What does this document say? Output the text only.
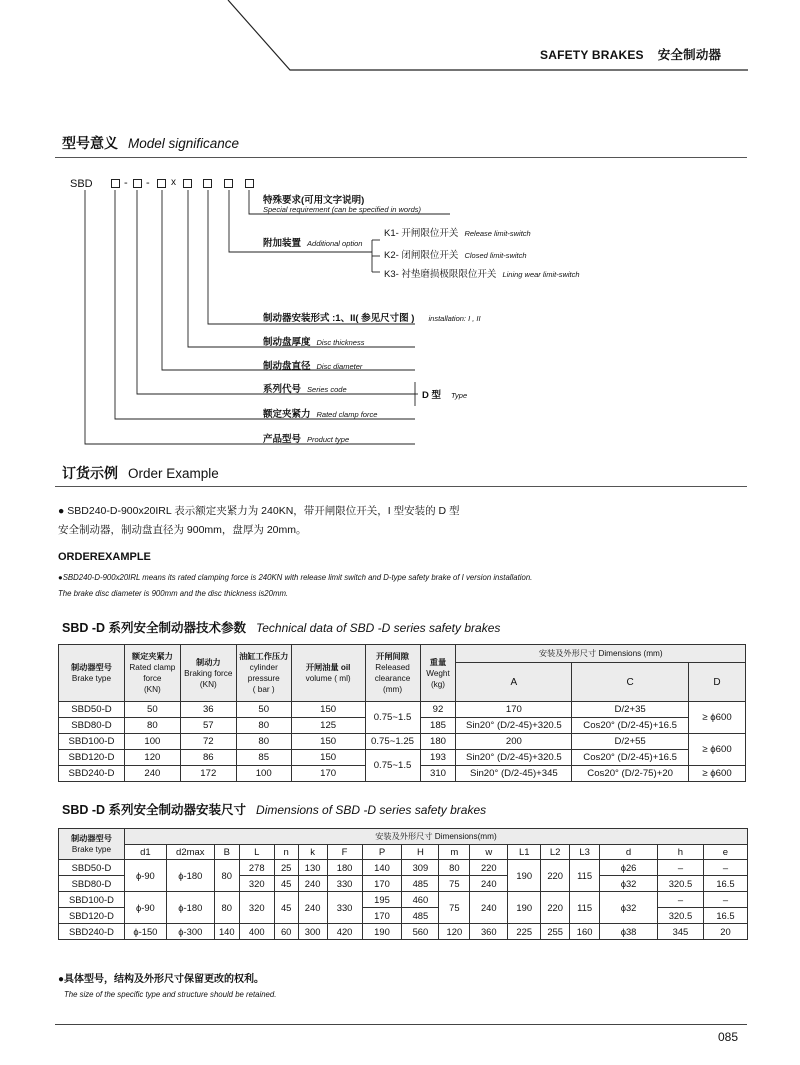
SAFETY BRAKES 安全制动器
型号意义 Model significance
SBD	- - x
特殊要求(可用文字说明)
Special requirement (can be specified in words)
附加装置 Additional option
K1- 开闸限位开关 Release limit-switch
K2- 闭闸限位开关 Closed limit-switch
K3- 衬垫磨损极限限位开关 Lining wear limit-switch
制动器安装形式 :1、II( 参见尺寸图 ) installation: I , II
制动盘厚度 Disc thickness
制动盘直径 Disc diameter
系列代号 Series code
D 型 Type
额定夹紧力 Rated clamp force
产品型号 Product type
订货示例 Order Example
● SBD240-D-900x20IRL 表示额定夹紧力为 240KN，带开闸限位开关，I 型安装的 D 型
安全制动器，制动盘直径为 900mm，盘厚为 20mm。
ORDEREXAMPLE
●SBD240-D-900x20IRL means its rated clamping force is 240KN with release limit switch and D-type safety brake of I version installation.
The brake disc diameter is 900mm and the disc thickness is20mm.
SBD -D 系列安全制动器技术参数 Technical data of SBD -D series safety brakes
制动器型号
Brake type	额定夹紧力
Rated clamp force
(KN)	制动力
Braking force
(KN)	油缸工作压力
cylinder pressure
( bar )	开闸油量 oil
volume ( ml)	开闸间隙
Released clearance
(mm)	重量
Weght
(kg)	安装及外形尺寸 Dimensions (mm)		
							A	C	D
SBD50-D	50	36	50	150	0.75~1.5	92	170	D/2+35	≥ ϕ600
SBD80-D	80	57	80	125		185	Sin20° (D/2-45)+320.5	Cos20° (D/2-45)+16.5	
SBD100-D	100	72	80	150	0.75~1.25	180	200	D/2+55	≥ ϕ600
SBD120-D	120	86	85	150	0.75~1.5	193	Sin20° (D/2-45)+320.5	Cos20° (D/2-45)+16.5	
SBD240-D	240	172	100	170		310	Sin20° (D/2-45)+345	Cos20° (D/2-75)+20	≥ ϕ600
SBD -D 系列安全制动器安装尺寸 Dimensions of SBD -D series safety brakes
制动器型号
Brake type	安装及外形尺寸 Dimensions(mm)																
	d1	d2max	B	L	n	k	F	P	H	m	w	L1	L2	L3	d	h	e
SBD50-D	ϕ-90	ϕ-180	80	278	25	130	180	140	309	80	220	190	220	115	ϕ26	–	–
SBD80-D				320	45	240	330	170	485	75	240				ϕ32	320.5	16.5
SBD100-D	ϕ-90	ϕ-180	80	320	45	240	330	195	460	75	240	190	220	115	ϕ32	–	–
SBD120-D								170	485							320.5	16.5
SBD240-D	ϕ-150	ϕ-300	140	400	60	300	420	190	560	120	360	225	255	160	ϕ38	345	20
●具体型号，结构及外形尺寸保留更改的权利。
The size of the specific type and structure should be retained.
085
